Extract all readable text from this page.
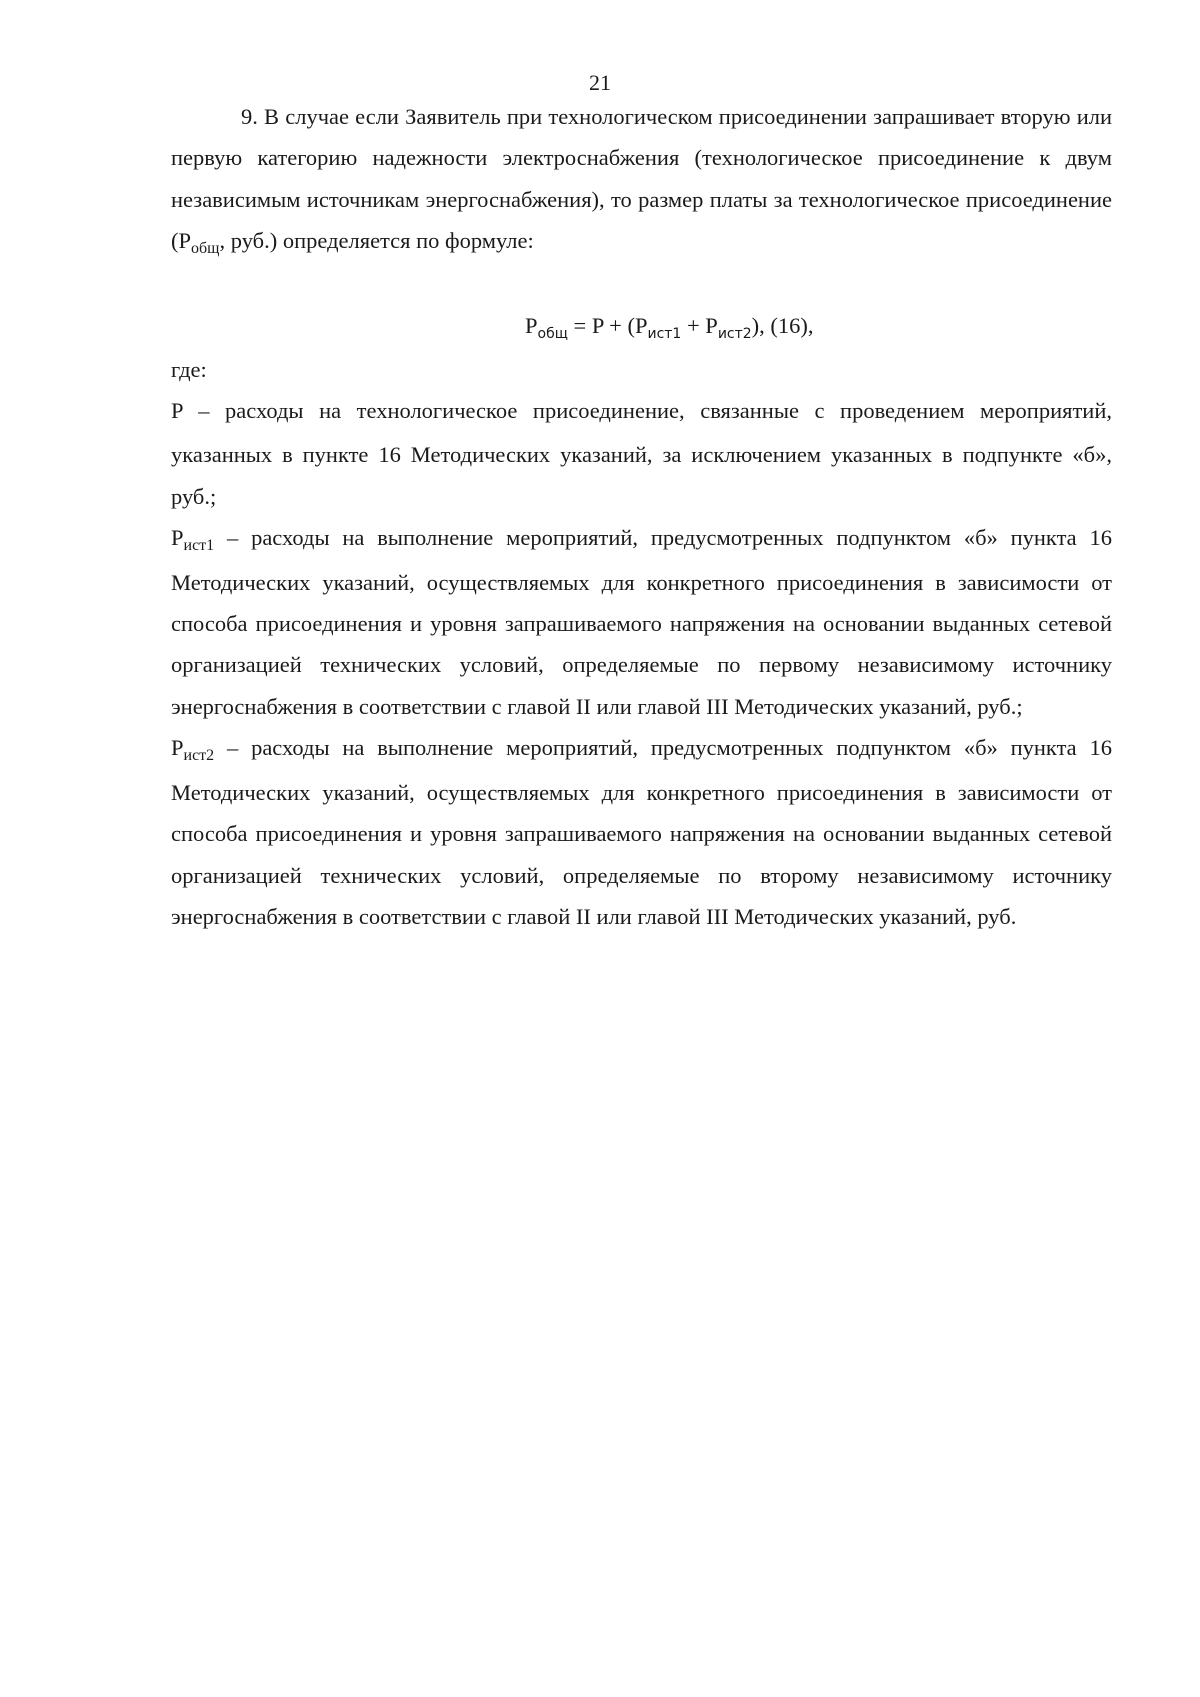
21

9. В случае если Заявитель при технологическом присоединении запрашивает вторую или первую категорию надежности электроснабжения (технологическое присоединение к двум независимым источникам энергоснабжения), то размер платы за технологическое присоединение ($P_{общ}$, руб.) определяется по формуле:

$P_{общ} = P + (P_{ист1} + P_{ист2})$, (16),

где:

P – расходы на технологическое присоединение, связанные с проведением мероприятий, указанных в пункте 16 Методических указаний, за исключением указанных в подпункте «б», руб.;

$P_{ист1}$ – расходы на выполнение мероприятий, предусмотренных подпунктом «б» пункта 16 Методических указаний, осуществляемых для конкретного присоединения в зависимости от способа присоединения и уровня запрашиваемого напряжения на основании выданных сетевой организацией технических условий, определяемые по первому независимому источнику энергоснабжения в соответствии с главой II или главой III Методических указаний, руб.;

$P_{ист2}$ – расходы на выполнение мероприятий, предусмотренных подпунктом «б» пункта 16 Методических указаний, осуществляемых для конкретного присоединения в зависимости от способа присоединения и уровня запрашиваемого напряжения на основании выданных сетевой организацией технических условий, определяемые по второму независимому источнику энергоснабжения в соответствии с главой II или главой III Методических указаний, руб.
